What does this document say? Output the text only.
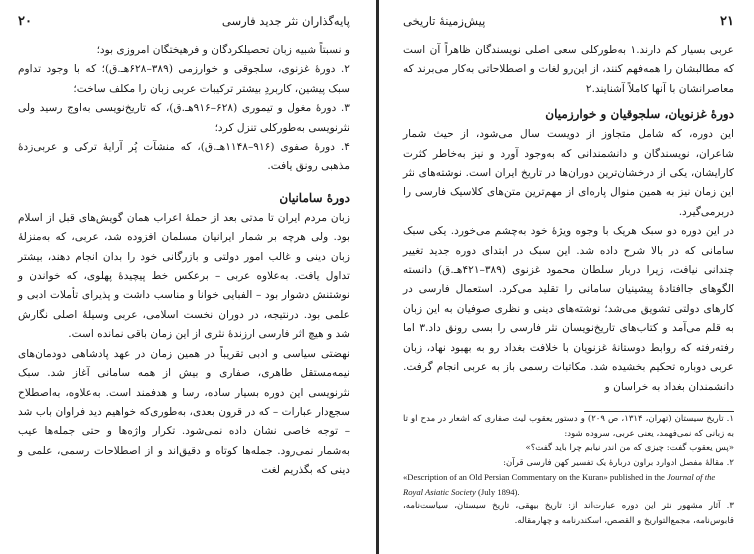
پایه‌گذاران نثر جدید فارسی
۲۰

و نسبتاً شبیه زبان تحصیلکردگان و فرهیختگان امروزی بود؛

۲. دورهٔ غزنوی، سلجوقی و خوارزمی (۳۸۹–۶۲۸هـ.ق)؛ که با وجود تداوم سبک پیشین، کاربردِ بیشتر ترکیبات عربی زبان را مکلف ساخت؛

۳. دورهٔ مغول و تیموری (۶۲۸–۹۱۶هـ.ق)، که تاریخ‌نویسی به‌اوج رسید ولی نثرنویسی به‌طورکلی تنزل کرد؛

۴. دورهٔ صفوی (۹۱۶–۱۱۴۸هـ.ق)، که منشآت پُر آرایهٔ ترکی و عربی‌زدهٔ مذهبی رونق یافت.

دورهٔ سامانیان

زبان مردم ایران تا مدتی بعد از حملهٔ اعراب همان گویش‌های قبل از اسلام بود. ولی هرچه بر شمار ایرانیان مسلمان افزوده شد، عربی، که به‌منزلهٔ زبان دینی و غالب امور دولتی و بازرگانی خود را بدان انجام دهند، بیشتر تداول یافت. به‌علاوه عربی – برعکس خط پیچیدهٔ پهلوی، که خواندن و نوشتنش دشوار بود – الفبایی خوانا و مناسب داشت و پذیرای تأملات ادبی و علمی بود. درنتیجه، در دوران نخست اسلامی، عربی وسیلهٔ اصلی نگارش شد و هیچ اثر فارسی ارزندهٔ نثری از این زمان باقی نمانده است.

نهضتی سیاسی و ادبی تقریباً در همین زمان در عهد پادشاهی دودمان‌های نیمه‌مستقل طاهری، صفاری و بیش از همه سامانی آغاز شد. سبک نثرنویسی این دوره بسیار ساده، رسا و هدفمند است. به‌علاوه، به‌اصطلاح سجع‌دار عبارات – که در قرون بعدی، به‌طوری‌که خواهیم دید فراوان باب شد – توجه خاصی نشان داده نمی‌شود. تکرار واژه‌ها و حتی جمله‌ها عیب به‌شمار نمی‌رود. جمله‌ها کوتاه و دقیق‌اند و از اصطلاحات رسمی، علمی و دینی که بگذریم لغت

۲۱
پیش‌زمینهٔ تاریخی

عربی بسیار کم دارند.۱ به‌طورکلی سعی اصلی نویسندگان ظاهراً آن است که مطالبشان را همه‌فهم کنند، از این‌رو لغات و اصطلاحاتی به‌کار می‌برند که معاصرانشان با آنها کاملاً آشنایند.۲

دورهٔ غزنویان، سلجوقیان و خوارزمیان

این دوره، که شامل متجاوز از دویست سال می‌شود، از حیث شمار شاعران، نویسندگان و دانشمندانی که به‌وجود آورد و نیز به‌خاطر کثرت کارایشان، یکی از درخشان‌ترین دوران‌ها در تاریخ ایران است. نوشته‌های نثر این زمان نیز به همین منوال پاره‌ای از مهم‌ترین متن‌های کلاسیک فارسی را دربرمی‌گیرد.

در این دوره دو سبک هریک با وجوه ویژهٔ خود به‌چشم می‌خورد. یکی سبک سامانی که در بالا شرح داده شد. این سبک در ابتدای دوره جدید تغییر چندانی نیافت، زیرا دربار سلطان محمود غزنوی (۳۸۹–۴۲۱هـ.ق) دانسته الگوهای جاافتادهٔ پیشینیان سامانی را تقلید می‌کرد. استعمال فارسی در کارهای دولتی تشویق می‌شد؛ نوشته‌های دینی و نظری صوفیان به این زبان به قلم می‌آمد و کتاب‌های تاریخ‌نویسان نثر فارسی را بسی رونق داد.۳ اما رفته‌رفته که روابط دوستانهٔ غزنویان با خلافت بغداد رو به بهبود نهاد، زبان عربی دوباره تحکیم بخشیده شد. مکاتبات رسمی باز به عربی انجام گرفت. دانشمندان بغداد به خراسان و

۱. تاریخ سیستان (تهران، ۱۳۱۴، ص ۲۰۹) و دستور یعقوب لیث صفاری که اشعار در مدح او تا به‌ زبانی که نمی‌فهمد، یعنی عربی، سروده شود:

«پس یعقوب گفت: چیزی که من اندر نیابم چرا باید گفت؟»

۲. مقالهٔ مفصل ادوارد براون دربارهٔ یک تفسیر کهن فارسی قرآن:

«Description of an Old Persian Commentary on the Kuran» published in the Journal of the Royal Asiatic Society (July 1894).

۳. آثار مشهور نثر این دوره عبارت‌اند از: تاریخ بیهقی، تاریخ سیستان، سیاست‌نامه، قابوس‌نامه، مجمع‌التواریخ و القصص، اسکندرنامه و چهارمقاله.
